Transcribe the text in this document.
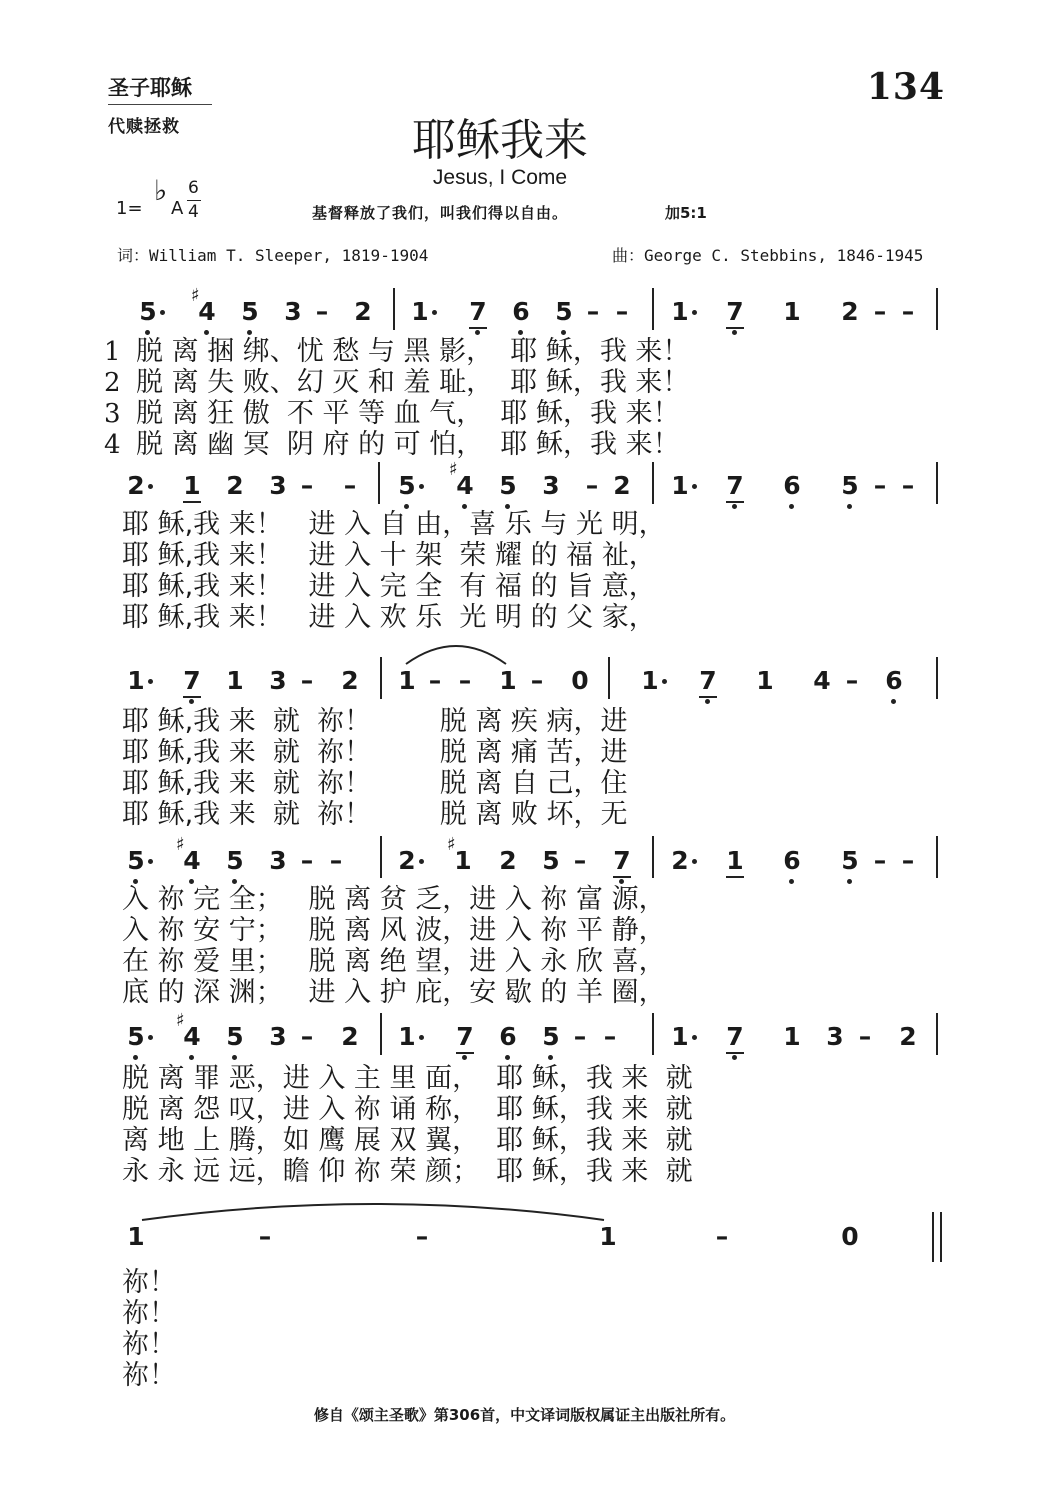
圣子耶稣
代赎拯救
134
耶稣我来
Jesus, I Come
1=
♭
A
6
4	基督释放了我们，叫我们得以自由。	加5:1
词：William T. Sleeper, 1819-1904	曲：George C. Stebbins, 1846-1945
5 4 5 3 –	2 1 7 6 5 – –	1 7 1 2 – –
♯
脱 离 捆 绑、忧 愁 与 黑 影，  耶 稣，我 来！
脱 离 失 败、幻 灭 和 羞 耻，  耶 稣，我 来！
脱 离 狂 傲  不 平 等 血 气，  耶 稣，我 来！
脱 离 幽 冥  阴 府 的 可 怕，  耶 稣，我 来！
1
2
3
4
2 1 2 3 –	–	5 4 5 3	– 2 1 7 6 5 – –
♯
耶 稣,我 来！   进 入 自 由，喜 乐 与 光 明，
耶 稣,我 来！   进 入 十 架  荣 耀 的 福 祉，
耶 稣,我 来！   进 入 完 全  有 福 的 旨 意，
耶 稣,我 来！   进 入 欢 乐  光 明 的 父 家，
1 7 1 3 –	2 1 – –	1 –	0 1 7 1 4 –	6
耶 稣,我 来  就  祢！        脱 离 疾 病，进
耶 稣,我 来  就  祢！        脱 离 痛 苦，进
耶 稣,我 来  就  祢！        脱 离 自 己，住
耶 稣,我 来  就  祢！        脱 离 败 坏，无
5 4 5 3 – –	2 1 2 5 –	7 2 1 6 5 – –
♯	♯
入 祢 完 全；   脱 离 贫 乏，进 入 祢 富 源，
入 祢 安 宁；   脱 离 风 波，进 入 祢 平 静，
在 祢 爱 里；   脱 离 绝 望，进 入 永 欣 喜，
底 的 深 渊；   进 入 护 庇，安 歇 的 羊 圈，
5 4 5 3 –	2 1 7 6 5 – –	1 7 1 3 –	2
♯
脱 离 罪 恶，进 入 主 里 面，  耶 稣，我 来  就
脱 离 怨 叹，进 入 祢 诵 称，  耶 稣，我 来  就
离 地 上 腾，如 鹰 展 双 翼，  耶 稣，我 来  就
永 永 远 远，瞻 仰 祢 荣 颜；  耶 稣，我 来  就
1	–	–	1	–	0
祢！
祢！
祢！
祢！
修自《颂主圣歌》第306首，中文译词版权属证主出版社所有。
